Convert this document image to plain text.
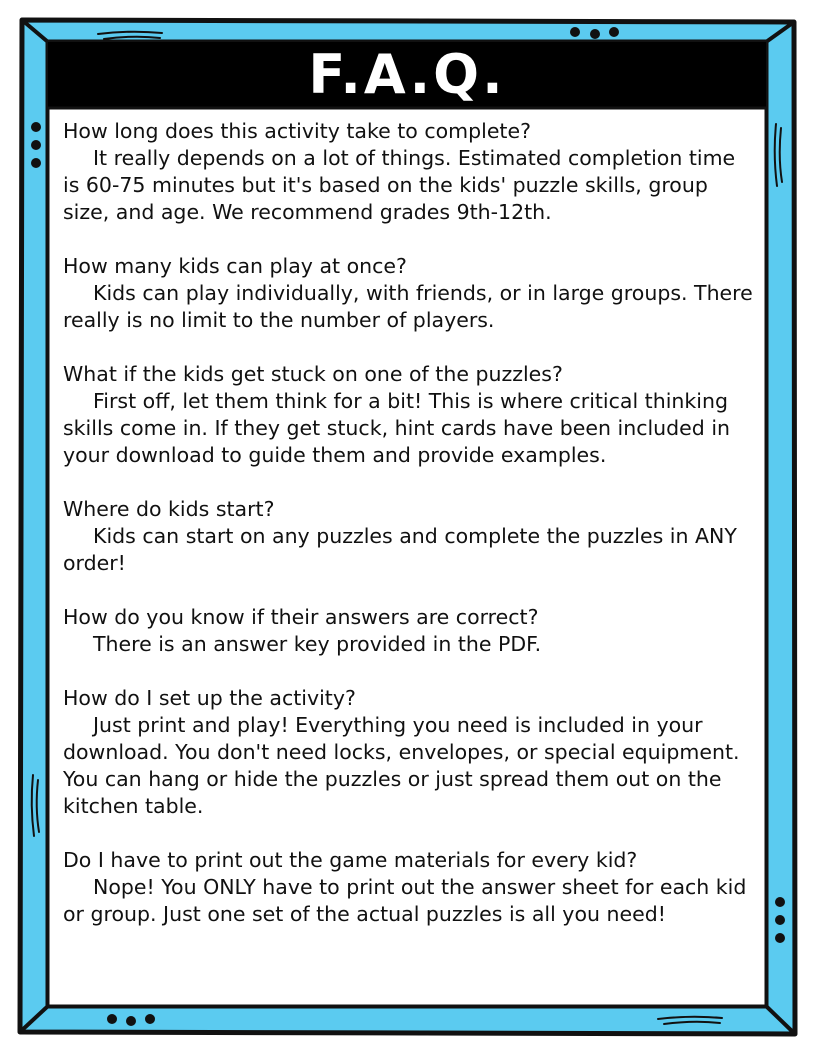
F.A.Q.
How long does this activity take to complete?
It really depends on a lot of things. Estimated completion time is 60-75 minutes but it's based on the kids' puzzle skills, group size, and age. We recommend grades 9th-12th.
How many kids can play at once?
Kids can play individually, with friends, or in large groups. There really is no limit to the number of players.
What if the kids get stuck on one of the puzzles?
First off, let them think for a bit! This is where critical thinking skills come in. If they get stuck, hint cards have been included in your download to guide them and provide examples.
Where do kids start?
Kids can start on any puzzles and complete the puzzles in ANY order!
How do you know if their answers are correct?
There is an answer key provided in the PDF.
How do I set up the activity?
Just print and play! Everything you need is included in your download. You don't need locks, envelopes, or special equipment. You can hang or hide the puzzles or just spread them out on the kitchen table.
Do I have to print out the game materials for every kid?
Nope! You ONLY have to print out the answer sheet for each kid or group. Just one set of the actual puzzles is all you need!
